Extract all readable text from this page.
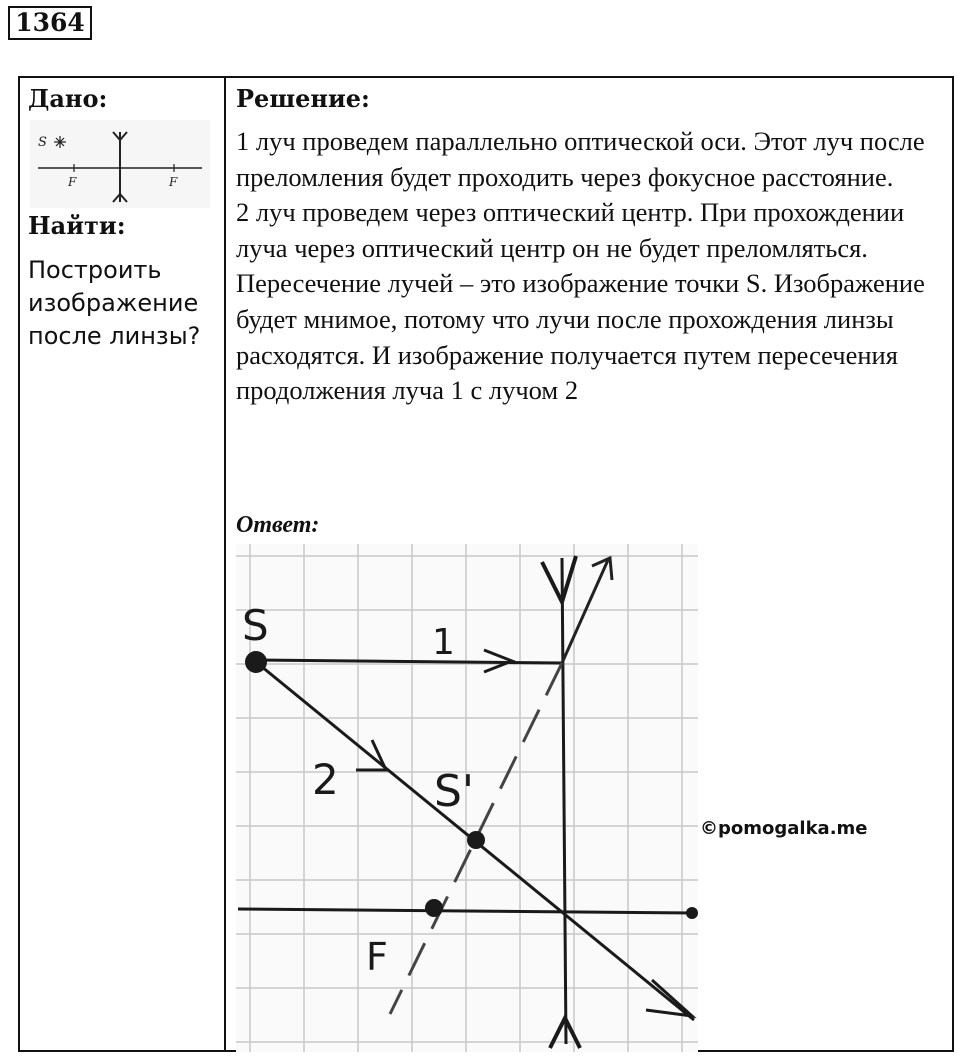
1364
Дано:
S
F	F
Найти:
Построить изображение после линзы?
Решение:

1 луч проведем параллельно оптической оси. Этот луч после преломления будет проходить через фокусное расстояние.

2 луч проведем через оптический центр. При прохождении луча через оптический центр он не будет преломляться.

Пересечение лучей – это изображение точки S. Изображение будет мнимое, потому что лучи после прохождения линзы расходятся. И изображение получается путем пересечения продолжения луча 1 с лучом 2

Ответ:
S	1
2 S'
F
©pomogalka.me
